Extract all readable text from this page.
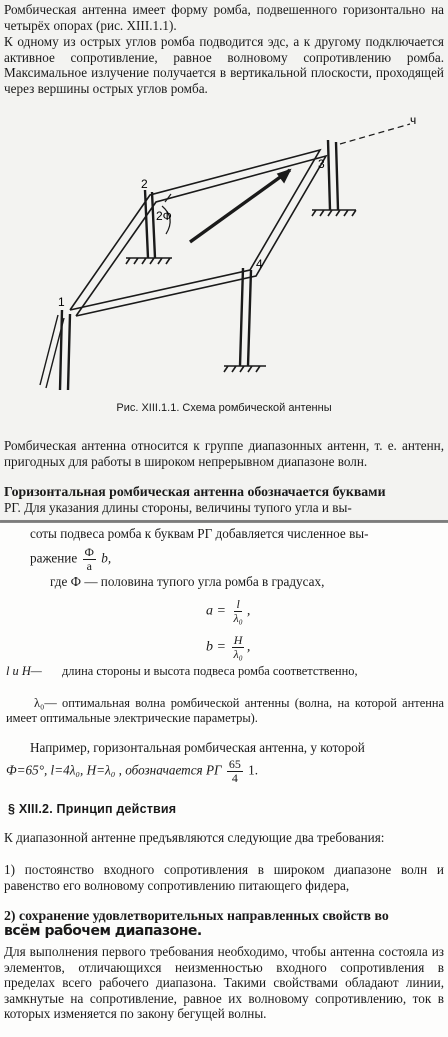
Ромбическая антенна имеет форму ромба, подвешенного горизонтально на четырёх опорах (рис. XIII.1.1).

К одному из острых углов ромба подводится эдс, а к другому подключается активное сопротивление, равное волновому сопротивлению ромба. Максимальное излучение получается в вертикальной плоскости, проходящей через вершины острых углов ромба.

2
1
3
4
ч
2Ф
Рис. XIII.1.1. Схема ромбической антенны

Ромбическая антенна относится к группе диапазонных антенн, т. е. антенн, пригодных для работы в широком непрерывном диапазоне волн.

Горизонтальная ромбическая антенна обозначается буквами

РГ. Для указания длины стороны, величины тупого угла и вы-

соты подвеса ромба к буквам РГ добавляется численное вы-

ражение $\frac{Ф}{а} b$,

где Ф — половина тупого угла ромба в градусах,

$a = \frac{l}{\text{λ₀}}$ ,
$b = \frac{H}{\text{λ₀}}$ ,
l и H— длина стороны и высота подвеса ромба соответственно,
λ₀— оптимальная волна ромбической антенны (волна, на которой антенна имеет оптимальные электрические параметры).

Например, горизонтальная ромбическая антенна, у которой

Ф=65°, l=4λ₀, H=λ₀ , обозначается РГ $\frac{65}{4} 1$.

§ XIII.2. Принцип действия

К диапазонной антенне предъявляются следующие два требования:

1) постоянство входного сопротивления в широком диапазоне волн и равенство его волновому сопротивлению питающего фидера,

2) сохранение удовлетворительных направленных свойств во

всём рабочем диапазоне.

Для выполнения первого требования необходимо, чтобы антенна состояла из элементов, отличающихся неизменностью входного сопротивления в пределах всего рабочего диапазона. Такими свойствами обладают линии, замкнутые на сопротивление, равное их волновому сопротивлению, ток в которых изменяется по закону бегущей волны.
